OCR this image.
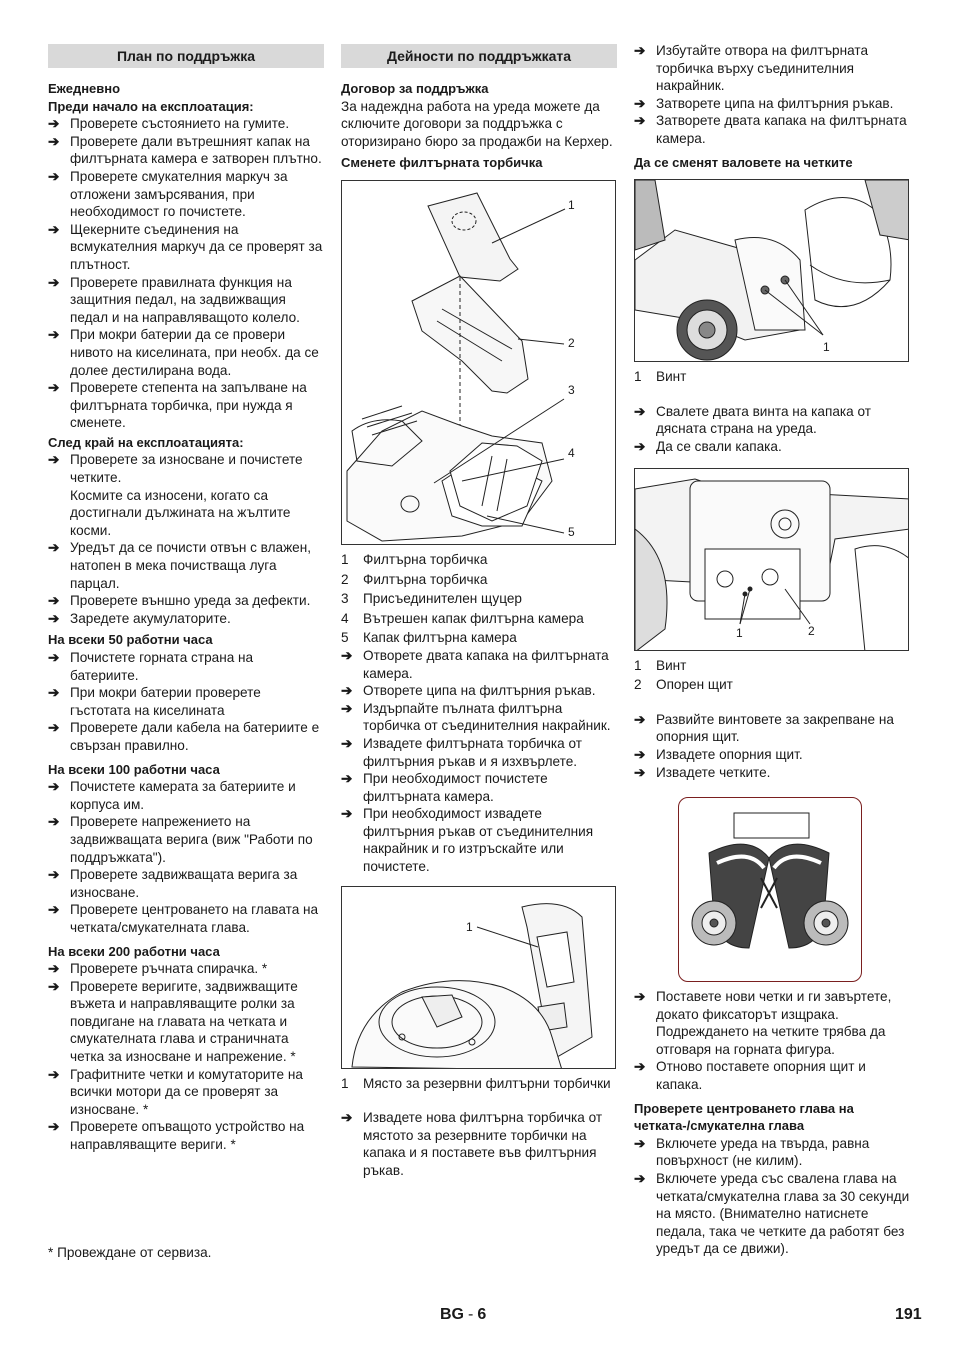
План по поддръжка
Ежедневно
Преди начало на експлоатация:
➔ Проверете състоянието на гумите.
➔ Проверете дали вътрешният капак на филтърната камера е затворен плътно.
➔ Проверете смукателния маркуч за отложени замърсявания, при необходимост го почистете.
➔ Щекерните съединения на всмукателния маркуч да се проверят за плътност.
➔ Проверете правилната функция на защитния педал, на задвижващия педал и на направляващото колело.
➔ При мокри батерии да се провери нивото на киселината, при необх. да се долее дестилирана вода.
➔ Проверете степента на запълване на филтърната торбичка, при нужда я сменете.
След край на експлоатацията:
➔ Проверете за износване и почистете четките.
Космите са износени, когато са достигнали дължината на жълтите косми.
➔ Уредът да се почисти отвън с влажен, натопен в мека почистваща луга парцал.
➔ Проверете външно уреда за дефекти.
➔ Заредете акумулаторите.
На всеки 50 работни часа
➔ Почистете горната страна на батериите.
➔ При мокри батерии проверете гъстотата на киселината
➔ Проверете дали кабела на батериите е свързан правилно.
На всеки 100 работни часа
➔ Почистете камерата за батериите и корпуса им.
➔ Проверете напрежението на задвижващата верига (виж "Работи по поддръжката").
➔ Проверете задвижващата верига за износване.
➔ Проверете центроването на главата на четката/смукателната глава.
На всеки 200 работни часа
➔ Проверете ръчната спирачка. *
➔ Проверете веригите, задвижващите въжета и направляващите ролки за повдигане на главата на четката и смукателната глава и страничната четка за износване и напрежение. *
➔ Графитните четки и комутаторите на всички мотори да се проверят за износване. *
➔ Проверете опъващото устройство на направляващите вериги. *
* Провеждане от сервиза.
Дейности по поддръжката
Договор за поддръжка
За надеждна работа на уреда можете да сключите договори за поддръжка с оторизирано бюро за продажби на Керхер.
Сменете филтърната торбичка
1
2
3
4
5
1 Филтърна торбичка
2 Филтърна торбичка
3 Присъединителен щуцер
4 Вътрешен капак филтърна камера
5 Капак филтърна камера
➔ Отворете двата капака на филтърната камера.
➔ Отворете ципа на филтърния ръкав.
➔ Издърпайте пълната филтърна торбичка от съединителния накрайник.
➔ Извадете филтърната торбичка от филтърния ръкав и я изхвърлете.
➔ При необходимост почистете филтърната камера.
➔ При необходимост извадете филтърния ръкав от съединителния накрайник и го изтръскайте или почистете.
1
1 Място за резервни филтърни торбички
➔ Извадете нова филтърна торбичка от мястото за резервните торбички на капака и я поставете във филтърния ръкав.
➔ Избутайте отвора на филтърната торбичка върху съединителния накрайник.
➔ Затворете ципа на филтърния ръкав.
➔ Затворете двата капака на филтърната камера.
Да се сменят валовете на четките
1
1 Винт
➔ Свалете двата винта на капака от дясната страна на уреда.
➔ Да се свали капака.
1	2
1 Винт
2 Опорен щит
➔ Развийте винтовете за закрепване на опорния щит.
➔ Извадете опорния щит.
➔ Извадете четките.
➔ Поставете нови четки и ги завъртете, докато фиксаторът изщрака. Подреждането на четките трябва да отговаря на горната фигура.
➔ Отново поставете опорния щит и капака.
Проверете центроването глава на четката-/смукателна глава
➔ Включете уреда на твърда, равна повърхност (не килим).
➔ Включете уреда със свалена глава на четката/смукателна глава за 30 секунди на място. (Внимателно натиснете педала, така че четките да работят без уредът да се движи).
BG - 6	191
